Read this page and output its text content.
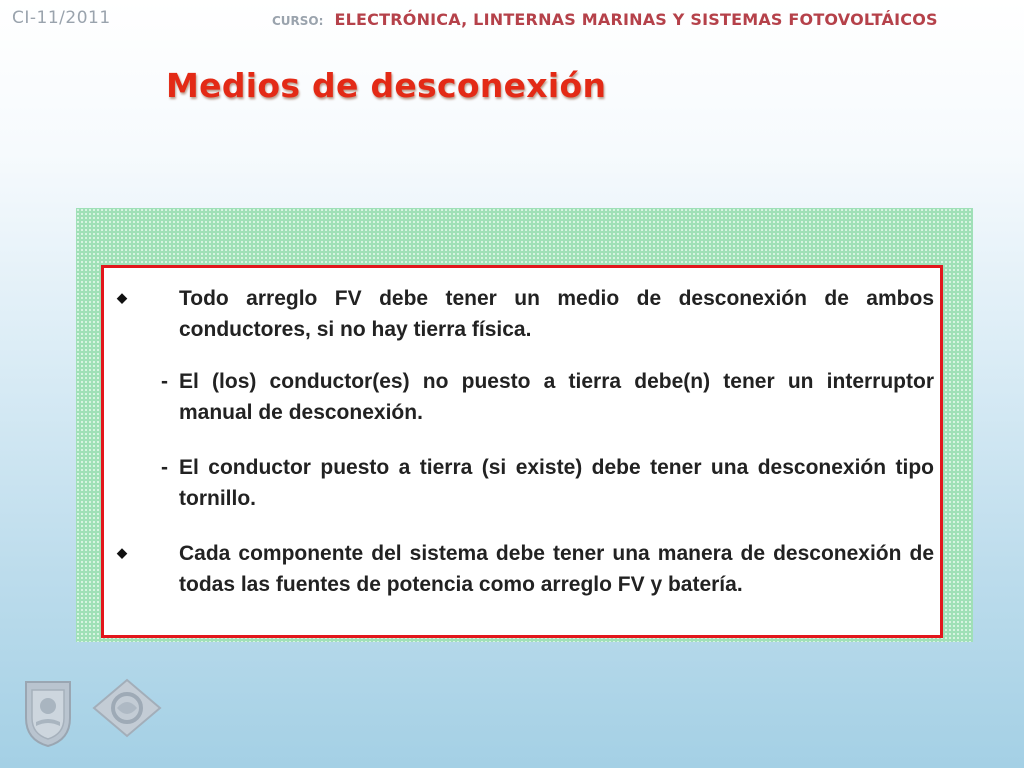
CI-11/2011	CURSO: ELECTRÓNICA, LINTERNAS MARINAS Y SISTEMAS FOTOVOLTÁICOS
Medios de desconexión
◆ Todo arreglo FV debe tener un medio de desconexión de ambos conductores, si no hay tierra física.
- El (los) conductor(es) no puesto a tierra debe(n) tener un interruptor manual de desconexión.
- El conductor puesto a tierra (si existe) debe tener una desconexión tipo tornillo.
◆ Cada componente del sistema debe tener una manera de desconexión de todas las fuentes de potencia como arreglo FV y batería.
